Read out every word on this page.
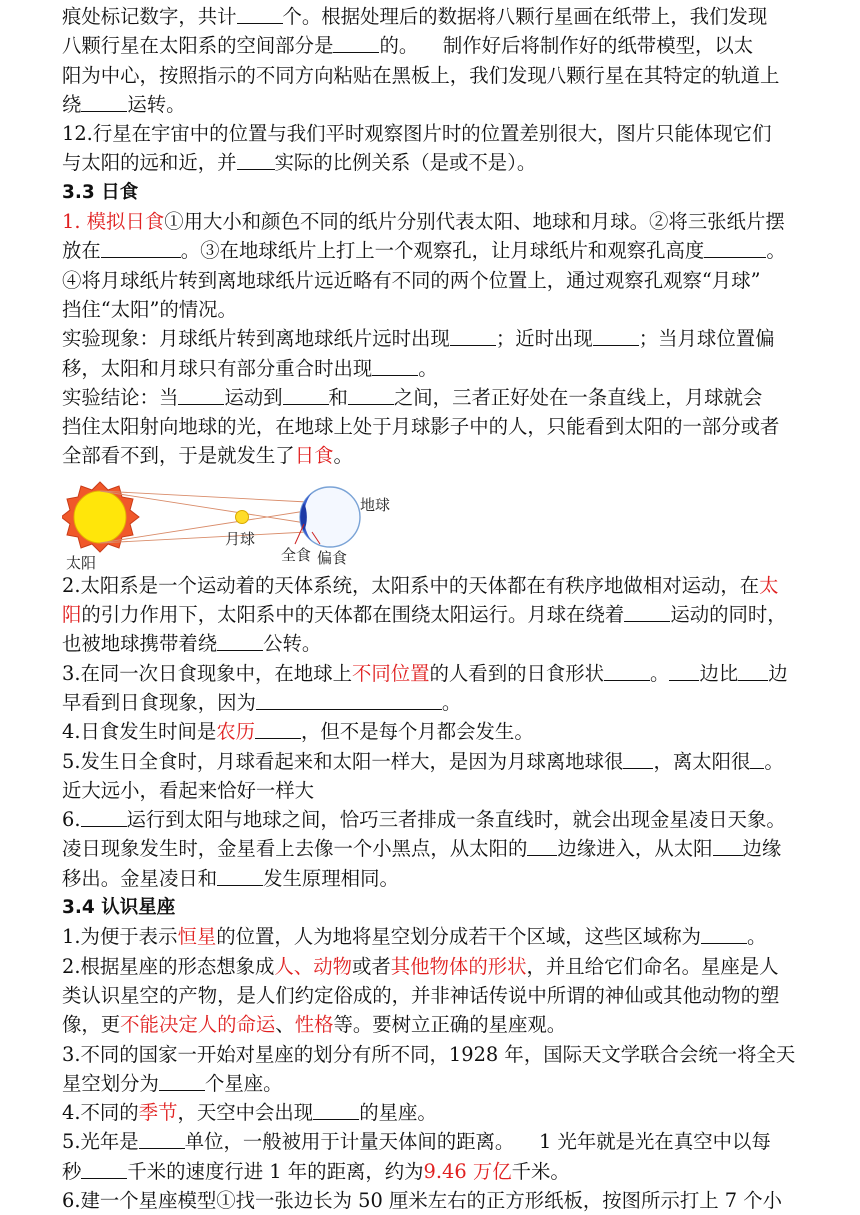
痕处标记数字，共计 个。根据处理后的数据将八颗行星画在纸带上，我们发现
八颗行星在太阳系的空间部分是 的。    制作好后将制作好的纸带模型，以太
阳为中心，按照指示的不同方向粘贴在黑板上，我们发现八颗行星在其特定的轨道上
绕 运转。
12.行星在宇宙中的位置与我们平时观察图片时的位置差别很大，图片只能体现它们
与太阳的远和近，并 实际的比例关系（是或不是）。
3.3 日食
1. 模拟日食①用大小和颜色不同的纸片分别代表太阳、地球和月球。②将三张纸片摆
放在	。③在地球纸片上打上一个观察孔，让月球纸片和观察孔高度	。
④将月球纸片转到离地球纸片远近略有不同的两个位置上，通过观察孔观察“月球”
挡住“太阳”的情况。
实验现象：月球纸片转到离地球纸片远时出现 ；近时出现 ；当月球位置偏
移，太阳和月球只有部分重合时出现 。
实验结论：当 运动到 和 之间，三者正好处在一条直线上，月球就会
挡住太阳射向地球的光，在地球上处于月球影子中的人，只能看到太阳的一部分或者
全部看不到，于是就发生了日食。
2.太阳系是一个运动着的天体系统，太阳系中的天体都在有秩序地做相对运动，在太
阳的引力作用下，太阳系中的天体都在围绕太阳运行。月球在绕着 运动的同时，
也被地球携带着绕 公转。
3.在同一次日食现象中，在地球上不同位置的人看到的日食形状 。 边比 边
早看到日食现象，因为	。
4.日食发生时间是农历 ，但不是每个月都会发生。
5.发生日全食时，月球看起来和太阳一样大，是因为月球离地球很 ，离太阳很 。
近大远小，看起来恰好一样大
6. 运行到太阳与地球之间，恰巧三者排成一条直线时，就会出现金星凌日天象。
凌日现象发生时，金星看上去像一个小黑点，从太阳的 边缘进入，从太阳 边缘
移出。金星凌日和 发生原理相同。
3.4 认识星座
1.为便于表示恒星的位置，人为地将星空划分成若干个区域，这些区域称为 。
2.根据星座的形态想象成人、动物或者其他物体的形状，并且给它们命名。星座是人
类认识星空的产物，是人们约定俗成的，并非神话传说中所谓的神仙或其他动物的塑
像，更不能决定人的命运、性格等。要树立正确的星座观。
3.不同的国家一开始对星座的划分有所不同，1928 年，国际天文学联合会统一将全天
星空划分为 个星座。
4.不同的季节，天空中会出现 的星座。
5.光年是 单位，一般被用于计量天体间的距离。    1 光年就是光在真空中以每
秒 千米的速度行进 1 年的距离，约为9.46 万亿千米。
6.建一个星座模型①找一张边长为 50 厘米左右的正方形纸板，按图所示打上 7 个小
太阳
月球
地球
全食 偏食
